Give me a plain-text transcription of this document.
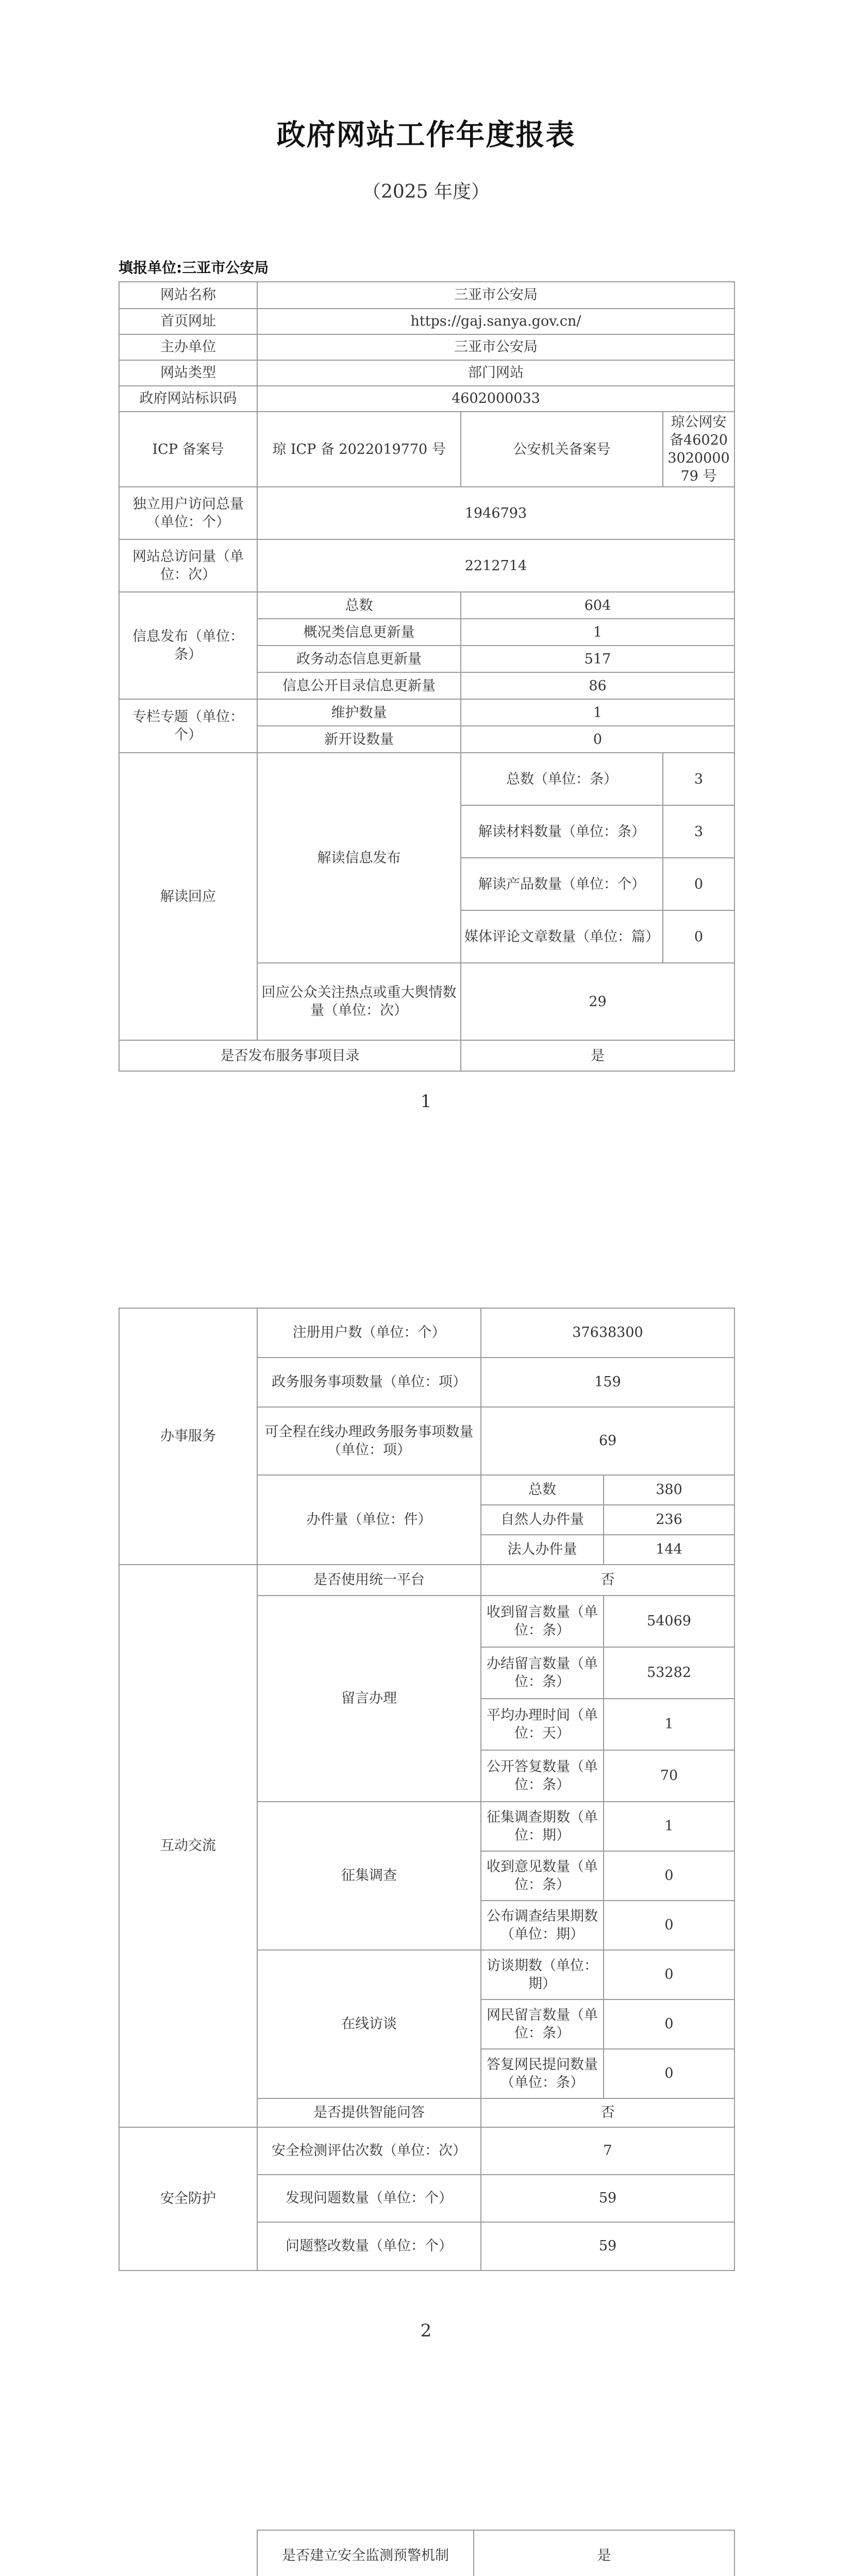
政府网站工作年度报表
（2025 年度）
填报单位:三亚市公安局
网站名称	三亚市公安局		
首页网址	https://gaj.sanya.gov.cn/		
主办单位	三亚市公安局		
网站类型	部门网站		
政府网站标识码	4602000033		
ICP 备案号	琼 ICP 备 2022019770 号	公安机关备案号	琼公网安备46020302000079 号
独立用户访问总量（单位：个）	1946793		
网站总访问量（单位：次）	2212714		
信息发布（单位：条）	总数	604	
	概况类信息更新量	1	
	政务动态信息更新量	517	
	信息公开目录信息更新量	86	
专栏专题（单位：个）	维护数量	1	
	新开设数量	0	
解读回应	解读信息发布	总数（单位：条）	3
		解读材料数量（单位：条）	3
		解读产品数量（单位：个）	0
		媒体评论文章数量（单位：篇）	0
	回应公众关注热点或重大舆情数量（单位：次）	29	
是否发布服务事项目录		是	
1
办事服务	注册用户数（单位：个）	37638300	
	政务服务事项数量（单位：项）	159	
	可全程在线办理政务服务事项数量（单位：项）	69	
	办件量（单位：件）	总数	380
		自然人办件量	236
		法人办件量	144
互动交流	是否使用统一平台	否	
	留言办理	收到留言数量（单位：条）	54069
		办结留言数量（单位：条）	53282
		平均办理时间（单位：天）	1
		公开答复数量（单位：条）	70
	征集调查	征集调查期数（单位：期）	1
		收到意见数量（单位：条）	0
		公布调查结果期数（单位：期）	0
	在线访谈	访谈期数（单位：期）	0
		网民留言数量（单位：条）	0
		答复网民提问数量（单位：条）	0
	是否提供智能问答	否	
安全防护	安全检测评估次数（单位：次）	7	
	发现问题数量（单位：个）	59	
	问题整改数量（单位：个）	59	
2
	是否建立安全监测预警机制	是	
